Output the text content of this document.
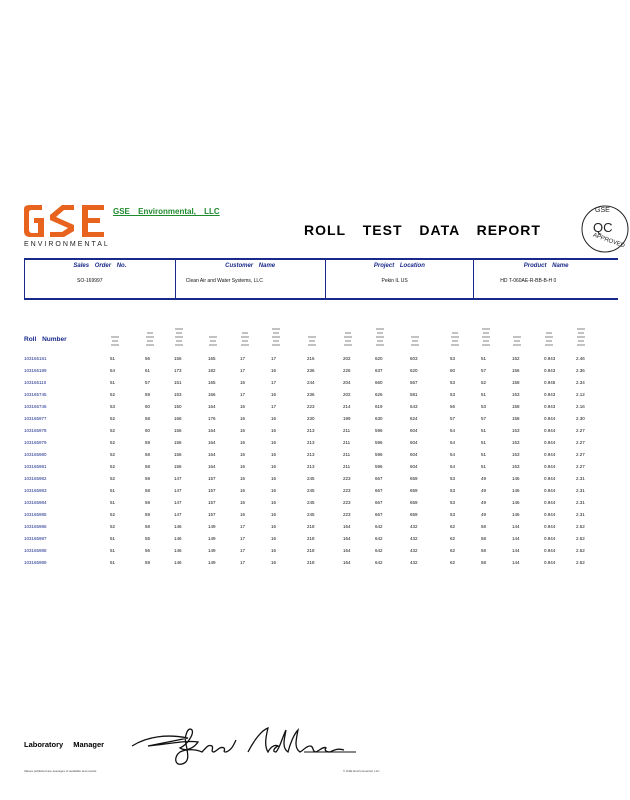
ENVIRONMENTAL
GSE Environmental, LLC
ROLL TEST DATA REPORT
GSE
QC
APPROVED
Sales Order No.
SO-169997
Customer Name
Clean Air and Water Systems, LLC
Project Location
Pekin IL US
Product Name
HD T-060AE-R-BB-B-H 0
Roll Number
103165181	61	56	156	165	17	17	216	202	620	603	53	51	152	0.943	2.46
103165189	64	61	173	182	17	16	236	226	637	620	60	57	156	0.943	2.36
103165110	61	57	151	165	16	17	244	204	660	567	53	52	158	0.945	2.34
103165745	62	59	153	166	17	16	236	202	626	581	53	51	153	0.943	2.12
103165746	63	60	150	164	16	17	223	214	619	643	56	53	158	0.943	2.16
103165977	62	58	166	176	16	16	230	199	630	624	57	57	158	0.944	2.30
103165978	62	60	156	164	16	16	213	211	596	604	54	51	153	0.944	2.27
103165979	62	59	156	164	16	16	213	211	596	604	54	51	153	0.944	2.27
103165980	62	58	156	164	16	16	213	211	596	604	54	51	153	0.944	2.27
103165981	62	58	156	164	16	16	213	211	596	604	54	51	153	0.944	2.27
103165982	62	59	147	157	16	16	245	223	667	659	53	49	146	0.944	2.31
103165983	61	58	147	157	16	16	245	223	667	659	53	49	146	0.944	2.31
103165984	61	59	147	157	16	16	245	223	667	659	53	49	146	0.944	2.31
103165985	62	59	147	157	16	16	245	223	667	659	53	49	146	0.944	2.31
103165986	62	58	146	149	17	16	218	164	642	432	62	58	144	0.944	2.52
103165987	61	55	146	149	17	16	218	164	642	432	62	58	144	0.944	2.52
103165988	61	56	146	149	17	16	218	164	642	432	62	58	144	0.944	2.52
103165989	61	59	146	149	17	16	218	164	642	432	62	58	144	0.944	2.52
Laboratory Manager
Values published are averages of available test results	© GSE Environmental, LLC
